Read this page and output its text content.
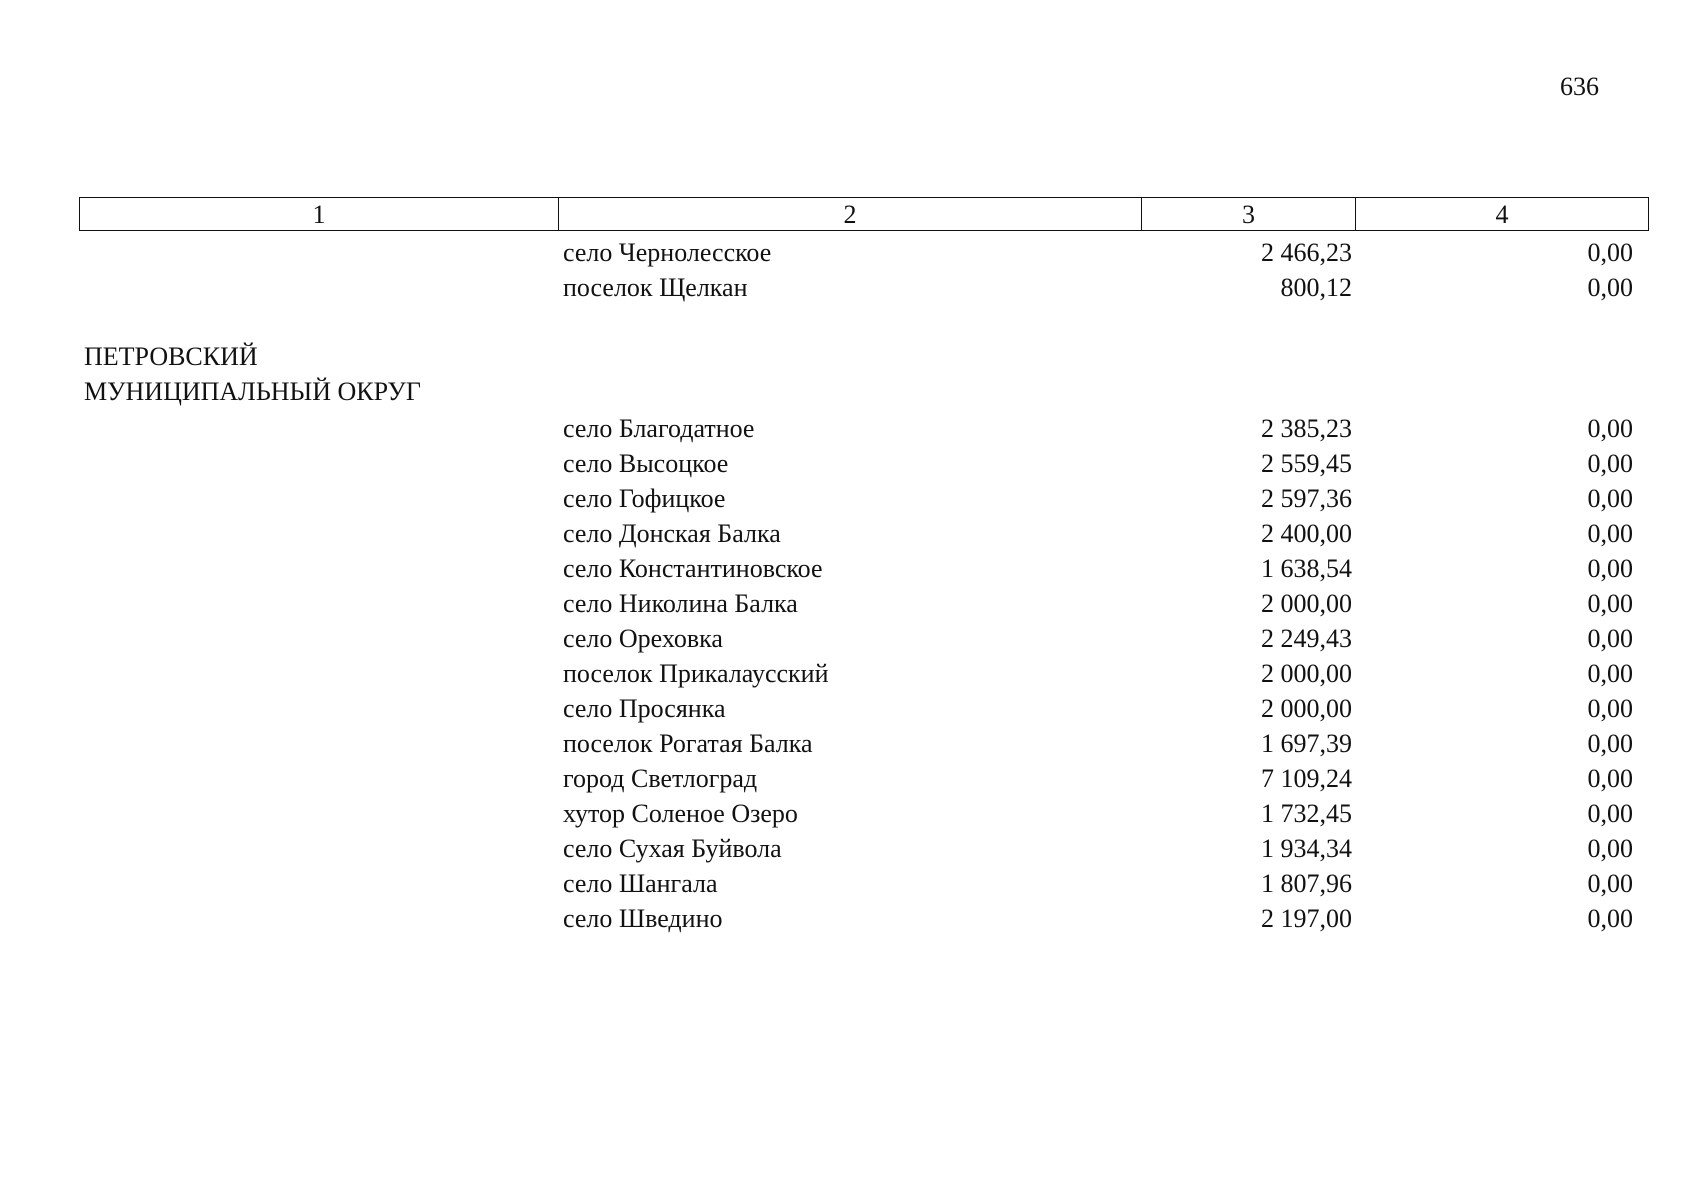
636
1	2	3	4
село Чернолесское	2 466,23	0,00
поселок Щелкан	800,12	0,00
ПЕТРОВСКИЙ
МУНИЦИПАЛЬНЫЙ ОКРУГ
село Благодатное	2 385,23	0,00
село Высоцкое	2 559,45	0,00
село Гофицкое	2 597,36	0,00
село Донская Балка	2 400,00	0,00
село Константиновское	1 638,54	0,00
село Николина Балка	2 000,00	0,00
село Ореховка	2 249,43	0,00
поселок Прикалаусский	2 000,00	0,00
село Просянка	2 000,00	0,00
поселок Рогатая Балка	1 697,39	0,00
город Светлоград	7 109,24	0,00
хутор Соленое Озеро	1 732,45	0,00
село Сухая Буйвола	1 934,34	0,00
село Шангала	1 807,96	0,00
село Шведино	2 197,00	0,00
